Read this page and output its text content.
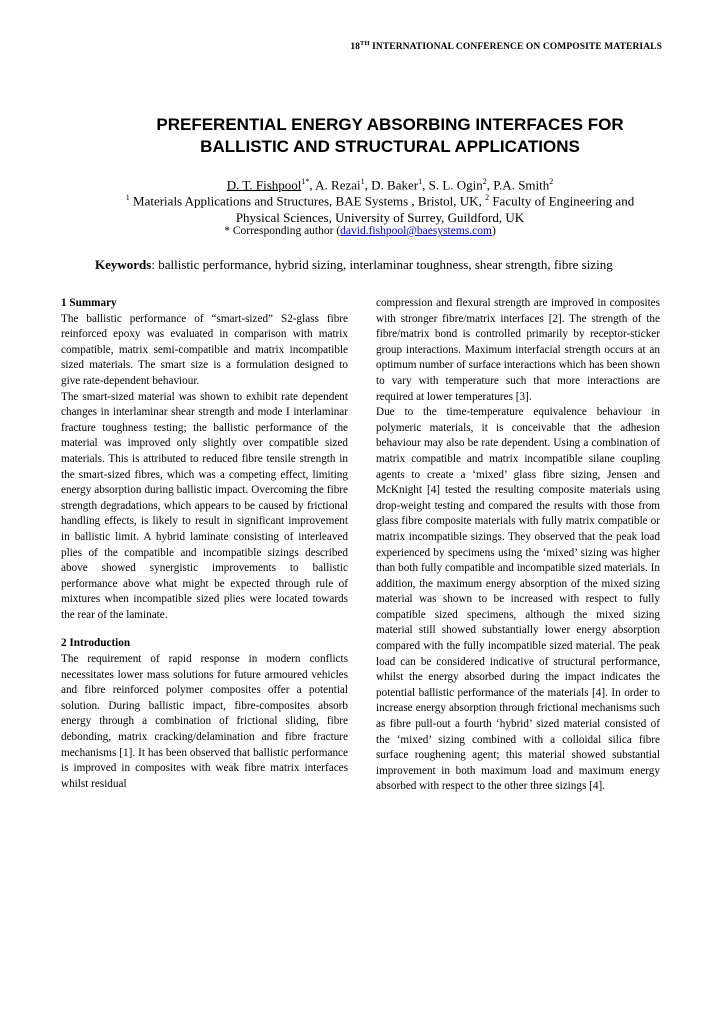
18TH INTERNATIONAL CONFERENCE ON COMPOSITE MATERIALS
PREFERENTIAL ENERGY ABSORBING INTERFACES FOR
BALLISTIC AND STRUCTURAL APPLICATIONS
D. T. Fishpool$^{1*}$, A. Rezai$^1$, D. Baker$^1$, S. L. Ogin$^2$, P.A. Smith$^2$
$^1$ Materials Applications and Structures, BAE Systems , Bristol, UK, $^2$ Faculty of Engineering and
Physical Sciences, University of Surrey, Guildford, UK
* Corresponding author (david.fishpool@baesystems.com)
Keywords: ballistic performance, hybrid sizing, interlaminar toughness, shear strength, fibre sizing

1 Summary

The ballistic performance of “smart-sized” S2-glass fibre reinforced epoxy was evaluated in comparison with matrix compatible, matrix semi-compatible and matrix incompatible sized materials. The smart size is a formulation designed to give rate-dependent behaviour.

The smart-sized material was shown to exhibit rate dependent changes in interlaminar shear strength and mode I interlaminar fracture toughness testing; the ballistic performance of the material was improved only slightly over compatible sized materials. This is attributed to reduced fibre tensile strength in the smart-sized fibres, which was a competing effect, limiting energy absorption during ballistic impact. Overcoming the fibre strength degradations, which appears to be caused by frictional handling effects, is likely to result in significant improvement in ballistic limit. A hybrid laminate consisting of interleaved plies of the compatible and incompatible sizings described above showed synergistic improvements to ballistic performance above what might be expected through rule of mixtures when incompatible sized plies were located towards the rear of the laminate.

2 Introduction

The requirement of rapid response in modern conflicts necessitates lower mass solutions for future armoured vehicles and fibre reinforced polymer composites offer a potential solution. During ballistic impact, fibre-composites absorb energy through a combination of frictional sliding, fibre debonding, matrix cracking/delamination and fibre fracture mechanisms [1]. It has been observed that ballistic performance is improved in composites with weak fibre matrix interfaces whilst residual

compression and flexural strength are improved in composites with stronger fibre/matrix interfaces [2]. The strength of the fibre/matrix bond is controlled primarily by receptor-sticker group interactions. Maximum interfacial strength occurs at an optimum number of surface interactions which has been shown to vary with temperature such that more interactions are required at lower temperatures [3].

Due to the time-temperature equivalence behaviour in polymeric materials, it is conceivable that the adhesion behaviour may also be rate dependent. Using a combination of matrix compatible and matrix incompatible silane coupling agents to create a ‘mixed’ glass fibre sizing, Jensen and McKnight [4] tested the resulting composite materials using drop-weight testing and compared the results with those from glass fibre composite materials with fully matrix compatible or matrix incompatible sizings. They observed that the peak load experienced by specimens using the ‘mixed’ sizing was higher than both fully compatible and incompatible sized materials. In addition, the maximum energy absorption of the mixed sizing material was shown to be increased with respect to fully compatible sized specimens, although the mixed sizing material still showed substantially lower energy absorption compared with the fully incompatible sized material. The peak load can be considered indicative of structural performance, whilst the energy absorbed during the impact indicates the potential ballistic performance of the materials [4]. In order to increase energy absorption through frictional mechanisms such as fibre pull-out a fourth ‘hybrid’ sized material consisted of the ‘mixed’ sizing combined with a colloidal silica fibre surface roughening agent; this material showed substantial improvement in both maximum load and maximum energy absorbed with respect to the other three sizings [4].
